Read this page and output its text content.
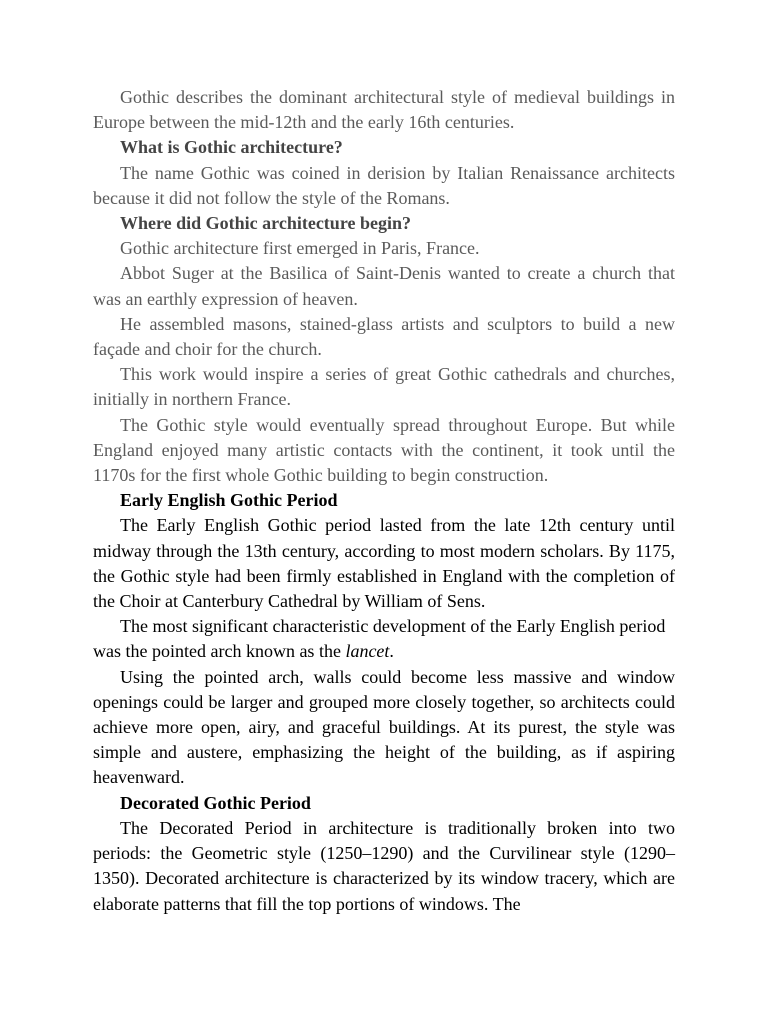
Gothic describes the dominant architectural style of medieval buildings in Europe between the mid-12th and the early 16th centuries.

What is Gothic architecture?

The name Gothic was coined in derision by Italian Renaissance architects because it did not follow the style of the Romans.

Where did Gothic architecture begin?

Gothic architecture first emerged in Paris, France.

Abbot Suger at the Basilica of Saint-Denis wanted to create a church that was an earthly expression of heaven.

He assembled masons, stained-glass artists and sculptors to build a new façade and choir for the church.

This work would inspire a series of great Gothic cathedrals and churches, initially in northern France.

The Gothic style would eventually spread throughout Europe. But while England enjoyed many artistic contacts with the continent, it took until the 1170s for the first whole Gothic building to begin construction.

Early English Gothic Period

The Early English Gothic period lasted from the late 12th century until midway through the 13th century, according to most modern scholars. By 1175, the Gothic style had been firmly established in England with the completion of the Choir at Canterbury Cathedral by William of Sens.

The most significant characteristic development of the Early English period was the pointed arch known as the lancet.

Using the pointed arch, walls could become less massive and window openings could be larger and grouped more closely together, so architects could achieve more open, airy, and graceful buildings. At its purest, the style was simple and austere, emphasizing the height of the building, as if aspiring heavenward.

Decorated Gothic Period

The Decorated Period in architecture is traditionally broken into two periods: the Geometric style (1250–1290) and the Curvilinear style (1290–1350). Decorated architecture is characterized by its window tracery, which are elaborate patterns that fill the top portions of windows. The
